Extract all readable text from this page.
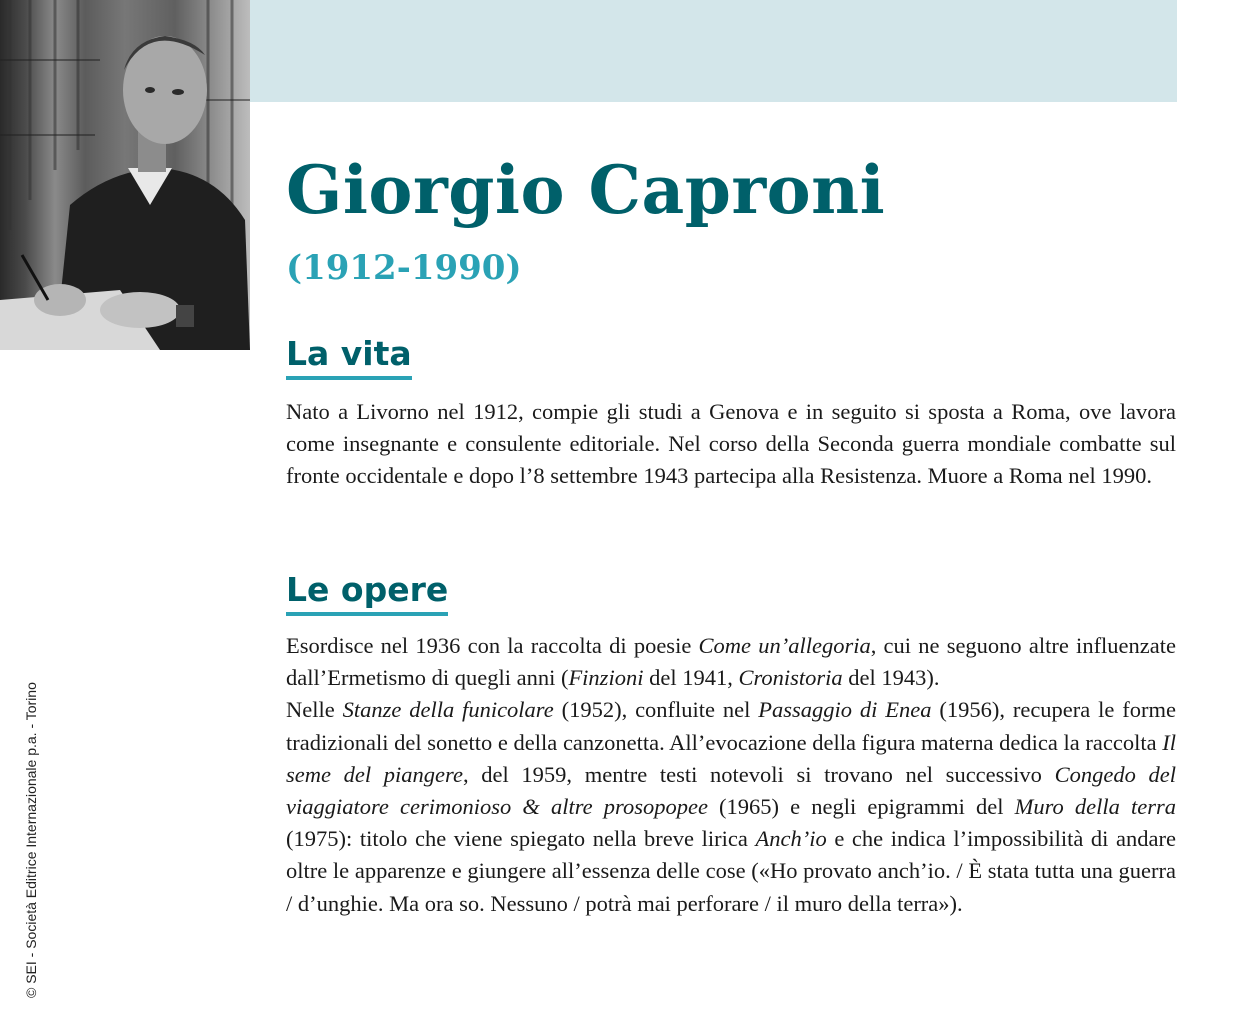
Giorgio Caproni
(1912-1990)
La vita

Nato a Livorno nel 1912, compie gli studi a Genova e in seguito si sposta a Roma, ove lavora come insegnante e consulente editoriale. Nel corso della Seconda guerra mondiale combatte sul fronte occidentale e dopo l’8 settembre 1943 partecipa alla Resistenza. Muore a Roma nel 1990.

Le opere

Esordisce nel 1936 con la raccolta di poesie Come un’allegoria, cui ne seguono altre influenzate dall’Ermetismo di quegli anni (Finzioni del 1941, Cronistoria del 1943).
Nelle Stanze della funicolare (1952), confluite nel Passaggio di Enea (1956), recupera le forme tradizionali del sonetto e della canzonetta. All’evocazione della figura materna dedica la raccolta Il seme del piangere, del 1959, mentre testi notevoli si trovano nel successivo Congedo del viaggiatore cerimonioso & altre prosopopee (1965) e negli epigrammi del Muro della terra (1975): titolo che viene spiegato nella breve lirica Anch’io e che indica l’impossibilità di andare oltre le apparenze e giungere all’essenza delle cose («Ho provato anch’io. / È stata tutta una guerra / d’unghie. Ma ora so. Nessuno / potrà mai perforare / il muro della terra»).

© SEI - Società Editrice Internazionale p.a. - Torino
